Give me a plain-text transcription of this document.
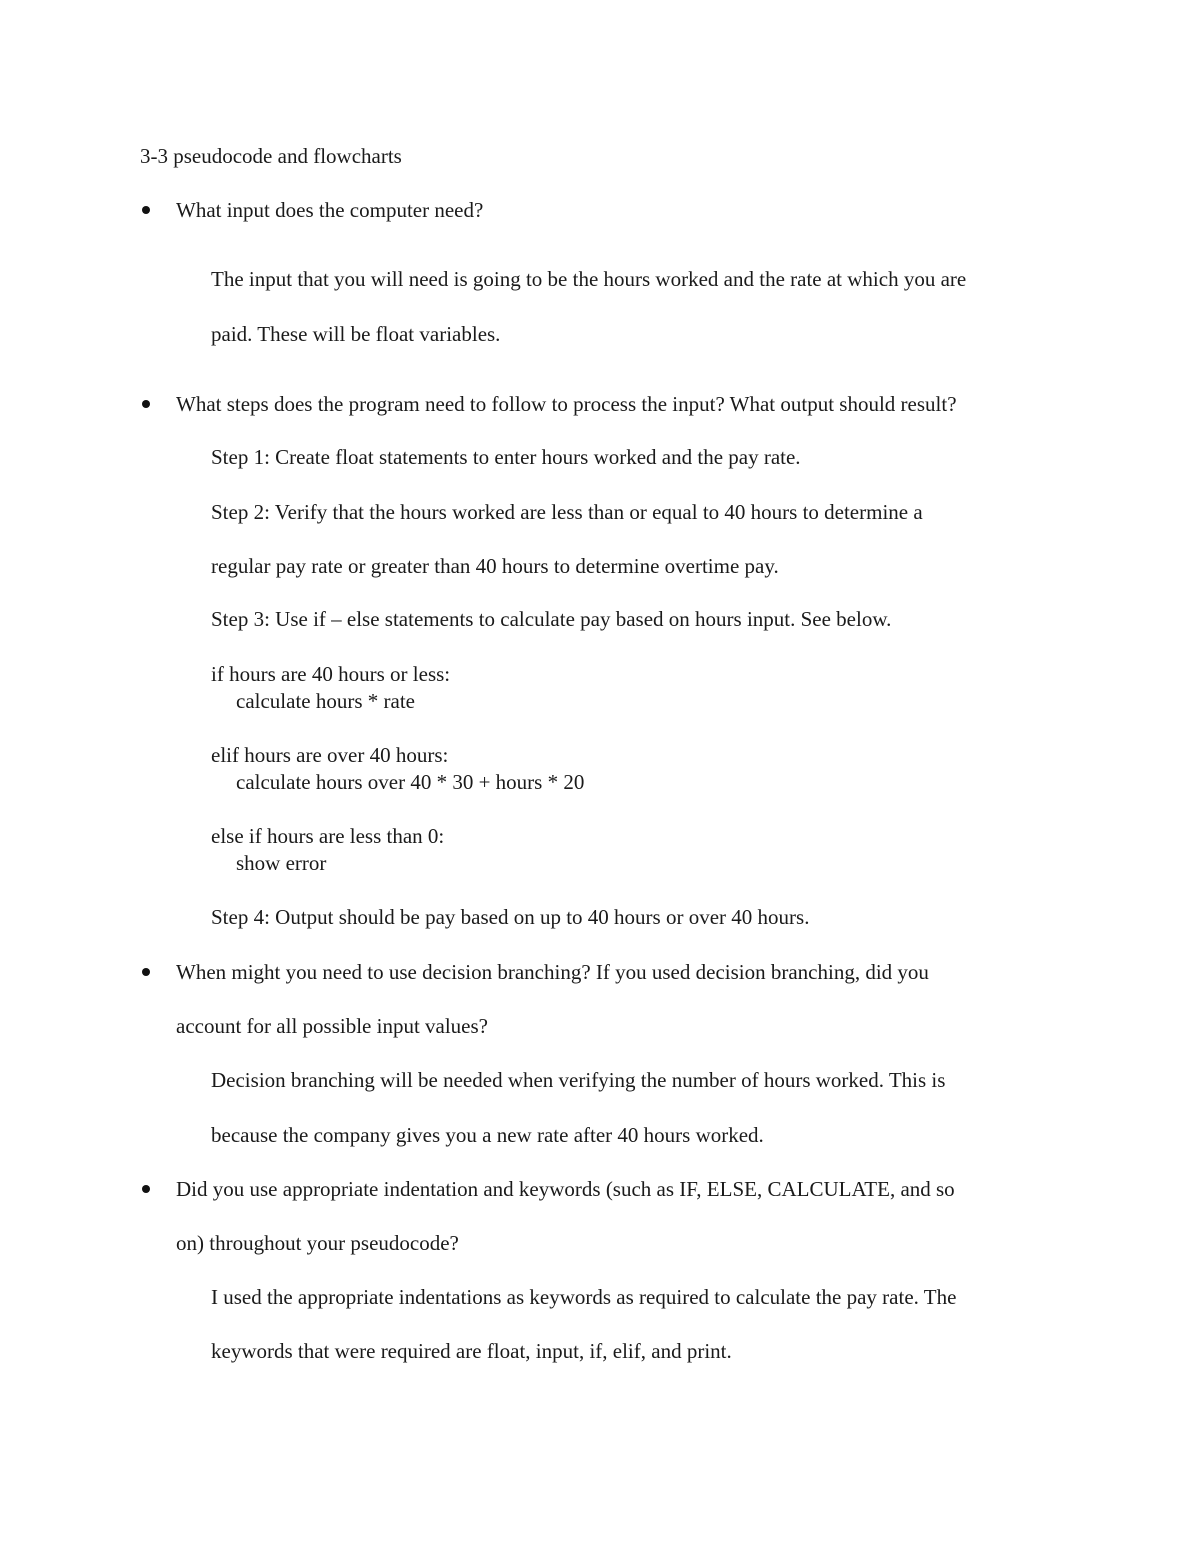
3-3 pseudocode and flowcharts
What input does the computer need?
The input that you will need is going to be the hours worked and the rate at which you are
paid. These will be float variables.
What steps does the program need to follow to process the input? What output should result?
Step 1: Create float statements to enter hours worked and the pay rate.
Step 2: Verify that the hours worked are less than or equal to 40 hours to determine a
regular pay rate or greater than 40 hours to determine overtime pay.
Step 3: Use if – else statements to calculate pay based on hours input. See below.
if hours are 40 hours or less:
calculate hours * rate
elif hours are over 40 hours:
calculate hours over 40 * 30 + hours * 20
else if hours are less than 0:
show error
Step 4: Output should be pay based on up to 40 hours or over 40 hours.
When might you need to use decision branching? If you used decision branching, did you
account for all possible input values?
Decision branching will be needed when verifying the number of hours worked. This is
because the company gives you a new rate after 40 hours worked.
Did you use appropriate indentation and keywords (such as IF, ELSE, CALCULATE, and so
on) throughout your pseudocode?
I used the appropriate indentations as keywords as required to calculate the pay rate. The
keywords that were required are float, input, if, elif, and print.
